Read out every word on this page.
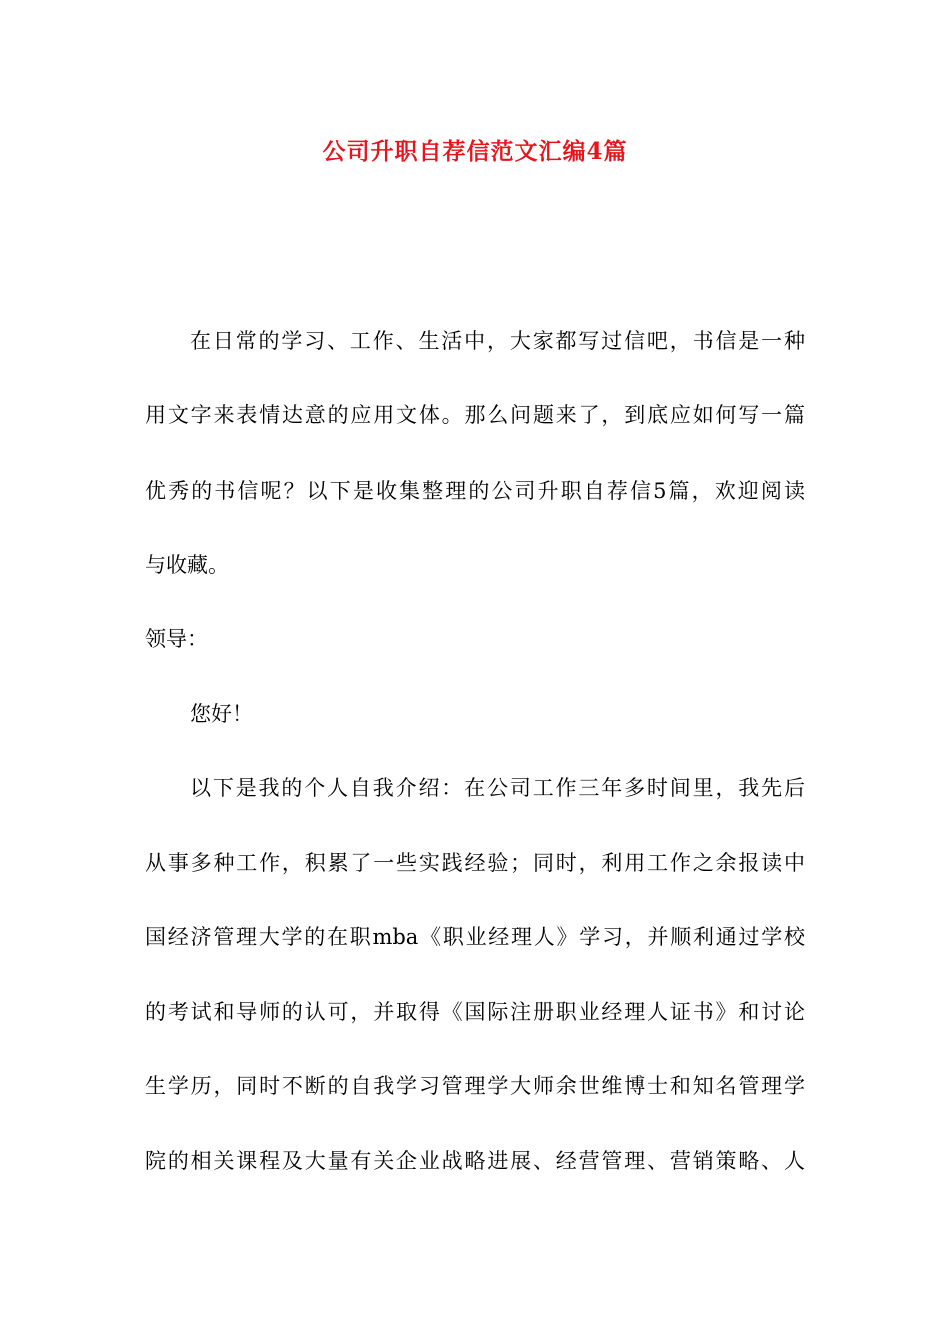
公司升职自荐信范文汇编4篇
在日常的学习、工作、生活中，大家都写过信吧，书信是一种
用文字来表情达意的应用文体。那么问题来了，到底应如何写一篇
优秀的书信呢？以下是收集整理的公司升职自荐信5篇，欢迎阅读
与收藏。
领导：
您好！
以下是我的个人自我介绍：在公司工作三年多时间里，我先后
从事多种工作，积累了一些实践经验；同时，利用工作之余报读中
国经济管理大学的在职mba《职业经理人》学习，并顺利通过学校
的考试和导师的认可，并取得《国际注册职业经理人证书》和讨论
生学历，同时不断的自我学习管理学大师余世维博士和知名管理学
院的相关课程及大量有关企业战略进展、经营管理、营销策略、人
